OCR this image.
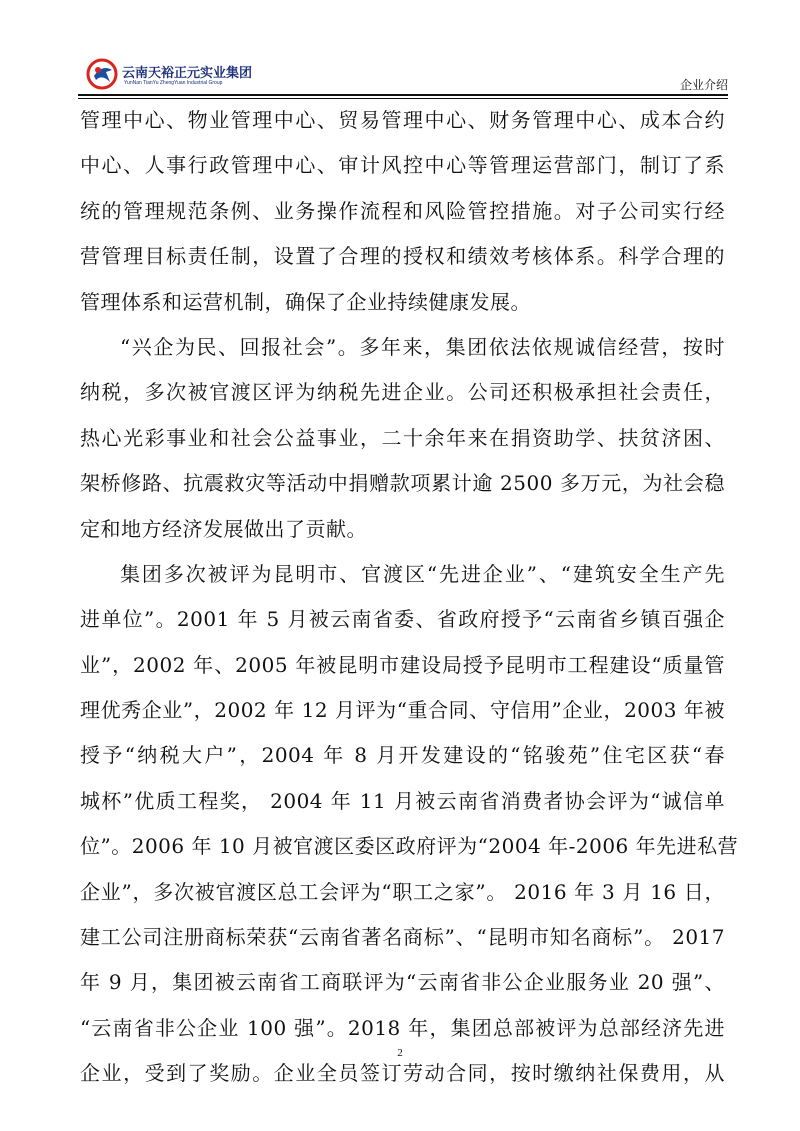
云南天裕正元实业集团
YunNan TianYu ZhengYuan Industrial Group	企业介绍
管理中心、物业管理中心、贸易管理中心、财务管理中心、成本合约
中心、人事行政管理中心、审计风控中心等管理运营部门，制订了系
统的管理规范条例、业务操作流程和风险管控措施。对子公司实行经
营管理目标责任制，设置了合理的授权和绩效考核体系。科学合理的
管理体系和运营机制，确保了企业持续健康发展。
“兴企为民、回报社会”。多年来，集团依法依规诚信经营，按时
纳税，多次被官渡区评为纳税先进企业。公司还积极承担社会责任，
热心光彩事业和社会公益事业，二十余年来在捐资助学、扶贫济困、
架桥修路、抗震救灾等活动中捐赠款项累计逾 2500 多万元，为社会稳
定和地方经济发展做出了贡献。
集团多次被评为昆明市、官渡区“先进企业”、“建筑安全生产先
进单位”。2001 年 5 月被云南省委、省政府授予“云南省乡镇百强企
业”，2002 年、2005 年被昆明市建设局授予昆明市工程建设“质量管
理优秀企业”，2002 年 12 月评为“重合同、守信用”企业，2003 年被
授予“纳税大户”，2004 年 8 月开发建设的“铭骏苑”住宅区获“春
城杯”优质工程奖， 2004 年 11 月被云南省消费者协会评为“诚信单
位”。2006 年 10 月被官渡区委区政府评为“2004 年-2006 年先进私营
企业”，多次被官渡区总工会评为“职工之家”。 2016 年 3 月 16 日，
建工公司注册商标荣获“云南省著名商标”、“昆明市知名商标”。 2017
年 9 月，集团被云南省工商联评为“云南省非公企业服务业 20 强”、
“云南省非公企业 100 强”。2018 年，集团总部被评为总部经济先进
企业，受到了奖励。企业全员签订劳动合同，按时缴纳社保费用，从
2
